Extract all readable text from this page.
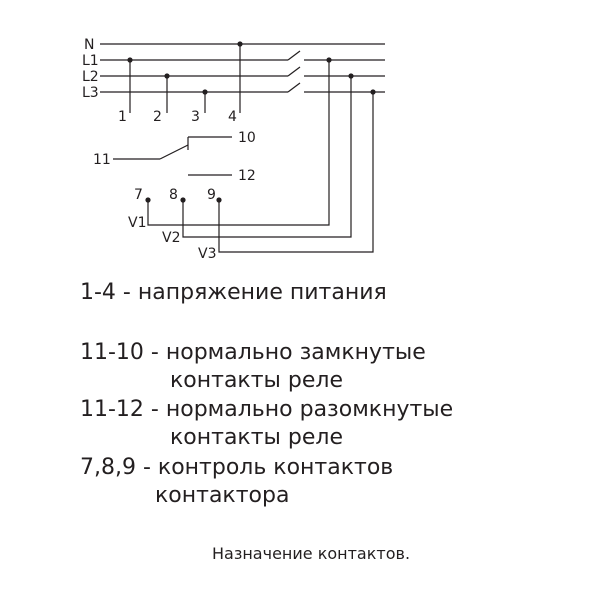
N
L1
L2
L3
1 2 3 4
10
11
12
7 8 9
V1
V2
V3
1-4 - напряжение питания
11-10 - нормально замкнутые
контакты реле
11-12 - нормально разомкнутые
контакты реле
7,8,9 - контроль контактов
контактора
Назначение контактов.
